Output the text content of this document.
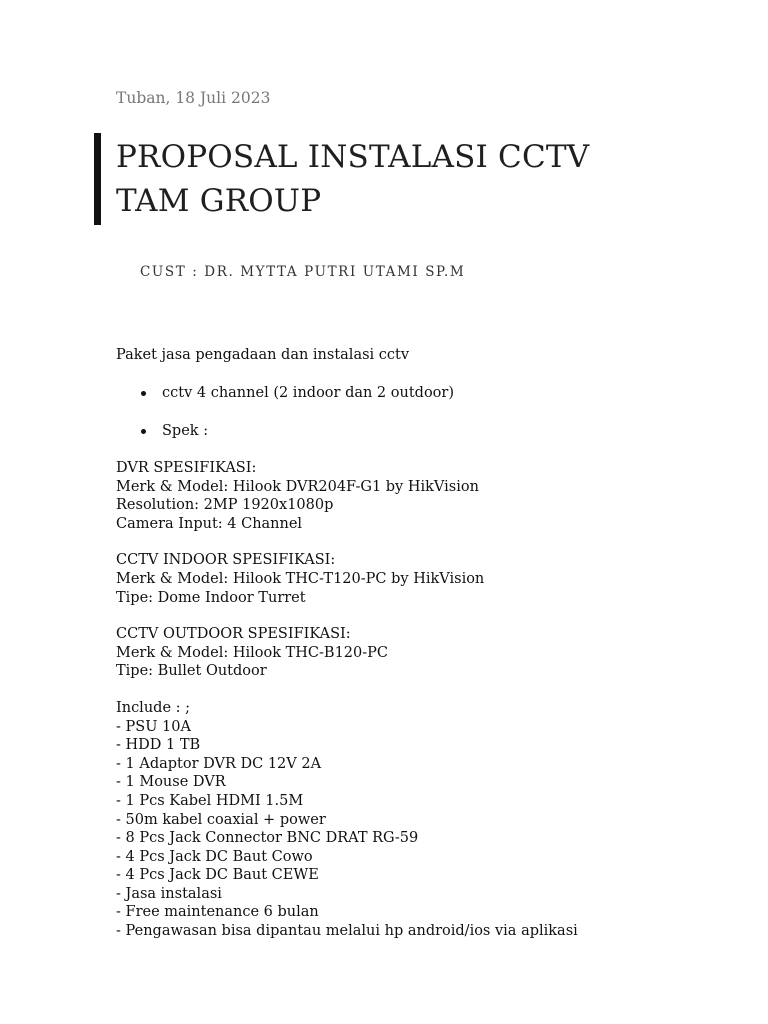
Tuban, 18 Juli 2023
PROPOSAL INSTALASI CCTV
TAM GROUP
CUST : DR. MYTTA PUTRI UTAMI SP.M

Paket jasa pengadaan dan instalasi cctv

cctv 4 channel (2 indoor dan 2 outdoor)
Spek :
DVR SPESIFIKASI:
Merk & Model: Hilook DVR204F-G1 by HikVision
Resolution: 2MP 1920x1080p
Camera Input: 4 Channel
CCTV INDOOR SPESIFIKASI:
Merk & Model: Hilook THC-T120-PC by HikVision
Tipe: Dome Indoor Turret
CCTV OUTDOOR SPESIFIKASI:
Merk & Model: Hilook THC-B120-PC
Tipe: Bullet Outdoor
Include : ;
- PSU 10A
- HDD 1 TB
- 1 Adaptor DVR DC 12V 2A
- 1 Mouse DVR
- 1 Pcs Kabel HDMI 1.5M
- 50m kabel coaxial + power
- 8 Pcs Jack Connector BNC DRAT RG-59
- 4 Pcs Jack DC Baut Cowo
- 4 Pcs Jack DC Baut CEWE
- Jasa instalasi
- Free maintenance 6 bulan
- Pengawasan bisa dipantau melalui hp android/ios via aplikasi
